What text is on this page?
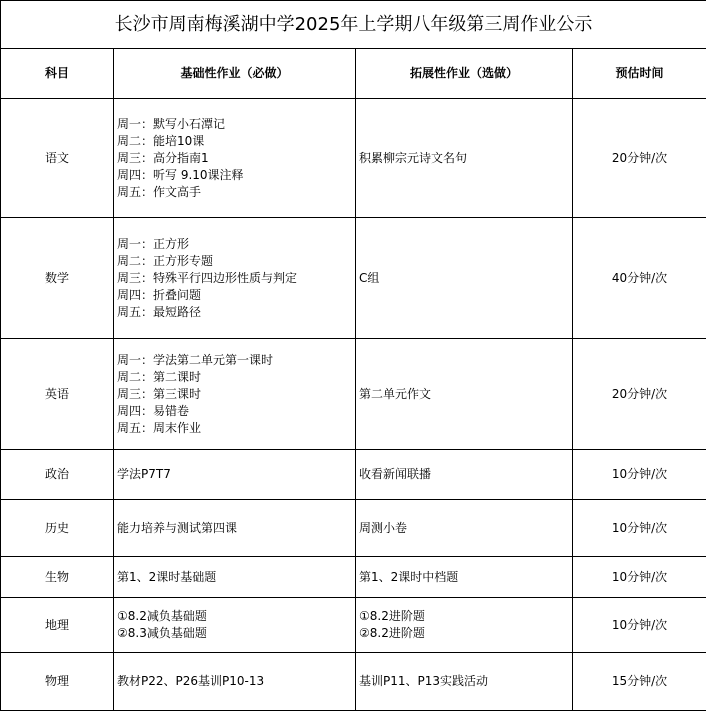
长沙市周南梅溪湖中学2025年上学期八年级第三周作业公示			
科目	基础性作业（必做）	拓展性作业（选做）	预估时间
语文	周一：默写小石潭记
周二：能培10课
周三：高分指南1
周四：听写 9.10课注释
周五：作文高手	积累柳宗元诗文名句	20分钟/次
数学	周一：正方形
周二：正方形专题
周三：特殊平行四边形性质与判定
周四：折叠问题
周五：最短路径	C组	40分钟/次
英语	周一：学法第二单元第一课时
周二：第二课时
周三：第三课时
周四：易错卷
周五：周末作业	第二单元作文	20分钟/次
政治	学法P7T7	收看新闻联播	10分钟/次
历史	能力培养与测试第四课	周测小卷	10分钟/次
生物	第1、2课时基础题	第1、2课时中档题	10分钟/次
地理	①8.2减负基础题
②8.3减负基础题	①8.2进阶题
②8.2进阶题	10分钟/次
物理	教材P22、P26基训P10-13	基训P11、P13实践活动	15分钟/次
